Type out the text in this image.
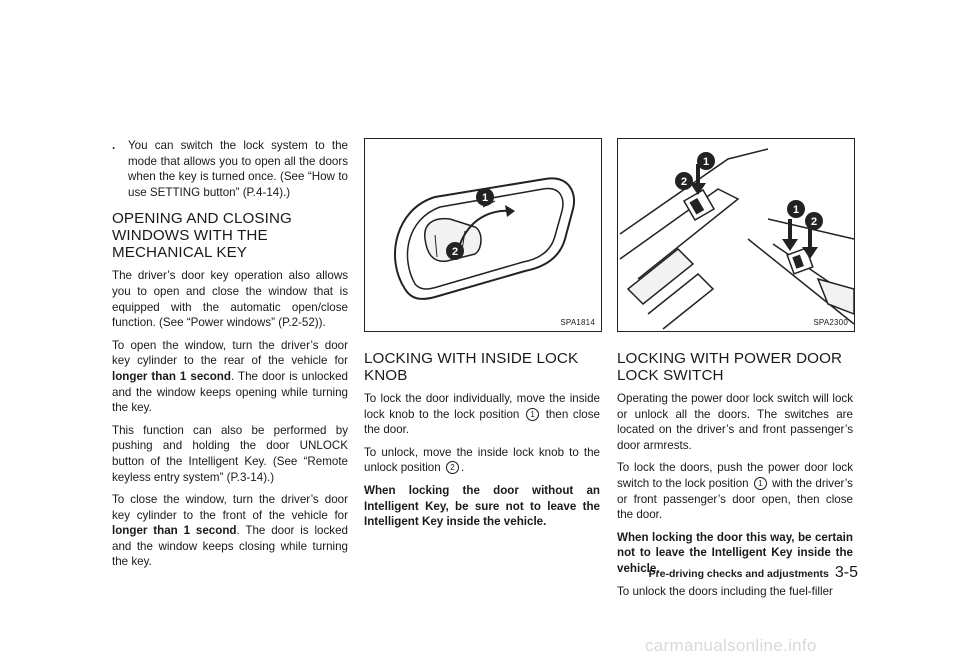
.	You can switch the lock system to the mode that allows you to open all the doors when the key is turned once. (See “How to use SETTING button” (P.4-14).)
OPENING AND CLOSING WINDOWS WITH THE MECHANICAL KEY

The driver’s door key operation also allows you to open and close the window that is equipped with the automatic open/close function. (See “Power windows” (P.2-52)).

To open the window, turn the driver’s door key cylinder to the rear of the vehicle for longer than 1 second. The door is unlocked and the window keeps opening while turning the key.

This function can also be performed by pushing and holding the door UNLOCK button of the Intelligent Key. (See “Remote keyless entry system” (P.3-14).)

To close the window, turn the driver’s door key cylinder to the front of the vehicle for longer than 1 second. The door is locked and the window keeps closing while turning the key.

1
2
SPA1814
1
2
1
2
SPA2300
LOCKING WITH INSIDE LOCK KNOB

To lock the door individually, move the inside lock knob to the lock position 1 then close the door.

To unlock, move the inside lock knob to the unlock position 2 .

When locking the door without an Intelligent Key, be sure not to leave the Intelligent Key inside the vehicle.

LOCKING WITH POWER DOOR LOCK SWITCH

Operating the power door lock switch will lock or unlock all the doors. The switches are located on the driver’s and front passenger’s door armrests.

To lock the doors, push the power door lock switch to the lock position 1 with the driver’s or front passenger’s door open, then close the door.

When locking the door this way, be certain not to leave the Intelligent Key inside the vehicle.

To unlock the doors including the fuel-filler

Pre-driving checks and adjustments 3-5
carmanualsonline.info
